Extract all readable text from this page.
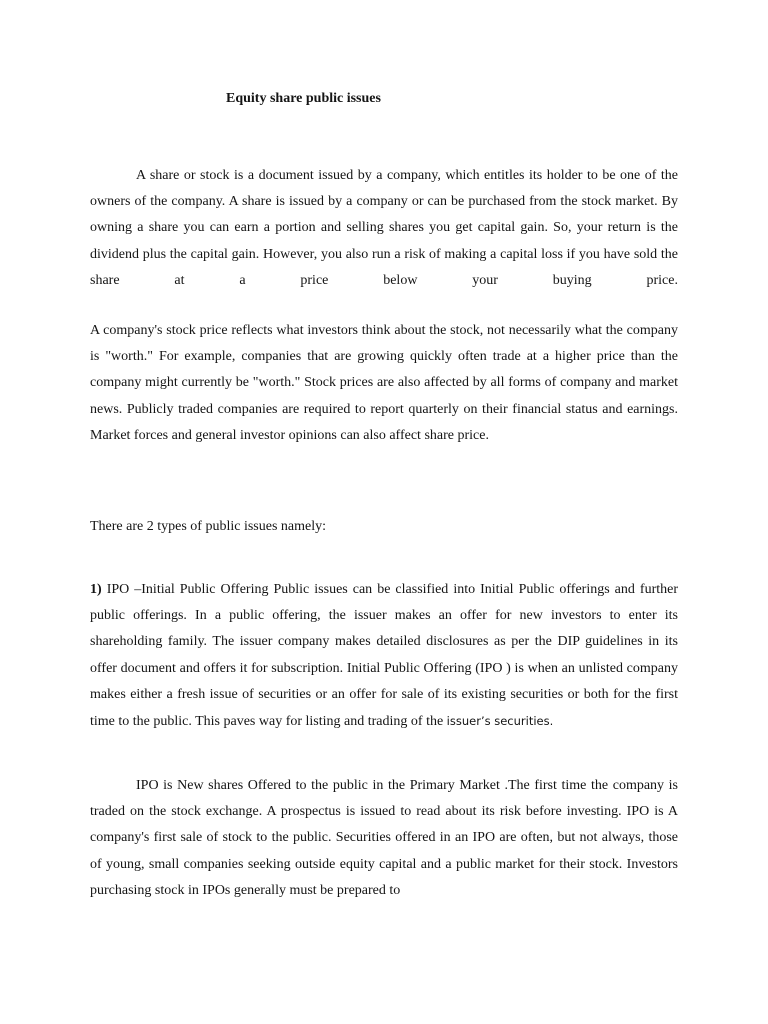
Equity share public issues

A share or stock is a document issued by a company, which entitles its holder to be one of the owners of the company. A share is issued by a company or can be purchased from the stock market. By owning a share you can earn a portion and selling shares you get capital gain. So, your return is the dividend plus the capital gain. However, you also run a risk of making a capital loss if you have sold the share at a price below your buying price.

A company's stock price reflects what investors think about the stock, not necessarily what the company is "worth." For example, companies that are growing quickly often trade at a higher price than the company might currently be "worth." Stock prices are also affected by all forms of company and market news. Publicly traded companies are required to report quarterly on their financial status and earnings. Market forces and general investor opinions can also affect share price.

There are 2 types of public issues namely:

1) IPO –Initial Public Offering Public issues can be classified into Initial Public offerings and further public offerings. In a public offering, the issuer makes an offer for new investors to enter its shareholding family. The issuer company makes detailed disclosures as per the DIP guidelines in its offer document and offers it for subscription. Initial Public Offering (IPO ) is when an unlisted company makes either a fresh issue of securities or an offer for sale of its existing securities or both for the first time to the public. This paves way for listing and trading of the issuer’s securities.

IPO is New shares Offered to the public in the Primary Market .The first time the company is traded on the stock exchange. A prospectus is issued to read about its risk before investing. IPO is A company's first sale of stock to the public. Securities offered in an IPO are often, but not always, those of young, small companies seeking outside equity capital and a public market for their stock. Investors purchasing stock in IPOs generally must be prepared to
